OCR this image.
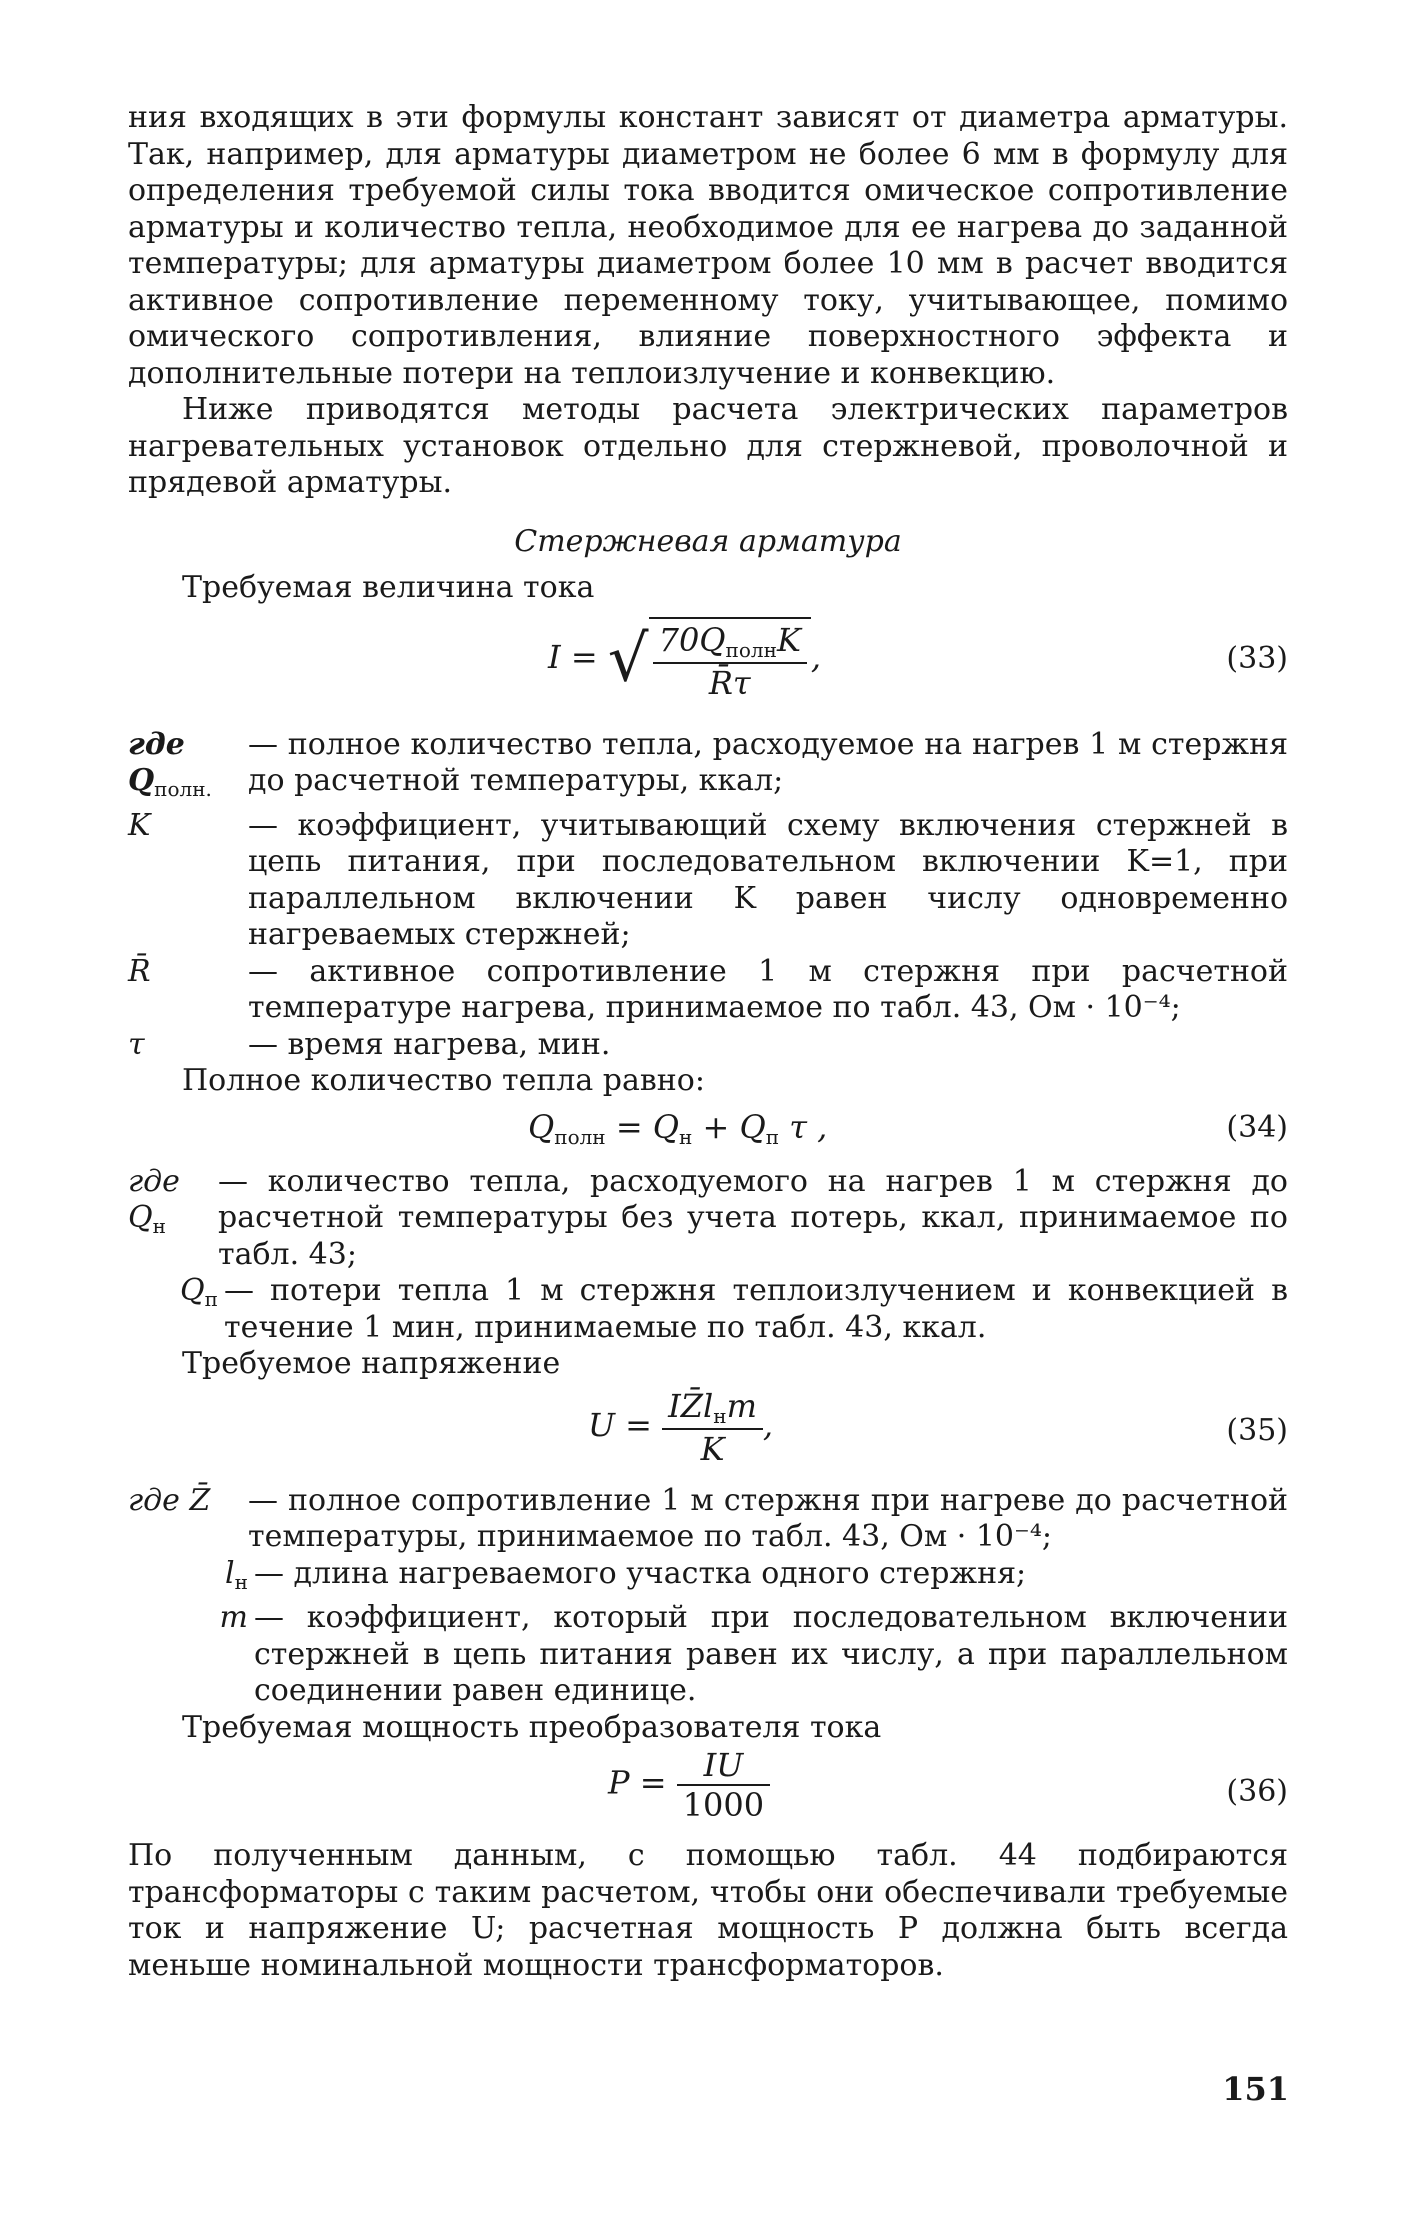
ния входящих в эти формулы констант зависят от диаметра арматуры. Так, например, для арматуры диаметром не более 6 мм в формулу для определения требуемой силы тока вводится омическое сопротивление арматуры и количество тепла, необходимое для ее нагрева до заданной температуры; для арматуры диаметром более 10 мм в расчет вводится активное сопротивление переменному току, учитывающее, помимо омического сопротивления, влияние поверхностного эффекта и дополнительные потери на теплоизлучение и конвекцию.

Ниже приводятся методы расчета электрических параметров нагревательных установок отдельно для стержневой, проволочной и прядевой арматуры.

Стержневая арматура

Требуемая величина тока

I = √ $\frac{70Q_{полн}K}{R̄\tau}$ ,	(33)
где $Q_{полн.}$
— полное количество тепла, расходуемое на нагрев 1 м стержня до расчетной температуры, ккал;
K	— коэффициент, учитывающий схему включения стержней в цепь питания, при последовательном включении K=1, при параллельном включении K равен числу одновременно нагреваемых стержней;
R̄	— активное сопротивление 1 м стержня при расчетной температуре нагрева, принимаемое по табл. 43, Ом · 10⁻⁴;
τ	— время нагрева, мин.

Полное количество тепла равно:

$Q_{полн} = Q_н + Q_п$ τ ,	(34)
где $Q_н$
— количество тепла, расходуемого на нагрев 1 м стержня до расчетной температуры без учета потерь, ккал, принимаемое по табл. 43;
$Q_п$ — потери тепла 1 м стержня теплоизлучением и конвекцией в течение 1 мин, принимаемые по табл. 43, ккал.

Требуемое напряжение

$U = \frac{IZ̄l_нm}{K}$ ,	(35)
где Z̄	— полное сопротивление 1 м стержня при нагреве до расчетной температуры, принимаемое по табл. 43, Ом · 10⁻⁴;
$l_н$ — длина нагреваемого участка одного стержня;
m — коэффициент, который при последовательном включении стержней в цепь питания равен их числу, а при параллельном соединении равен единице.

Требуемая мощность преобразователя тока

$P = \frac{IU}{1000}$	(36)

По полученным данным, с помощью табл. 44 подбираются трансформаторы с таким расчетом, чтобы они обеспечивали требуемые ток и напряжение U; расчетная мощность P должна быть всегда меньше номинальной мощности трансформаторов.

151
